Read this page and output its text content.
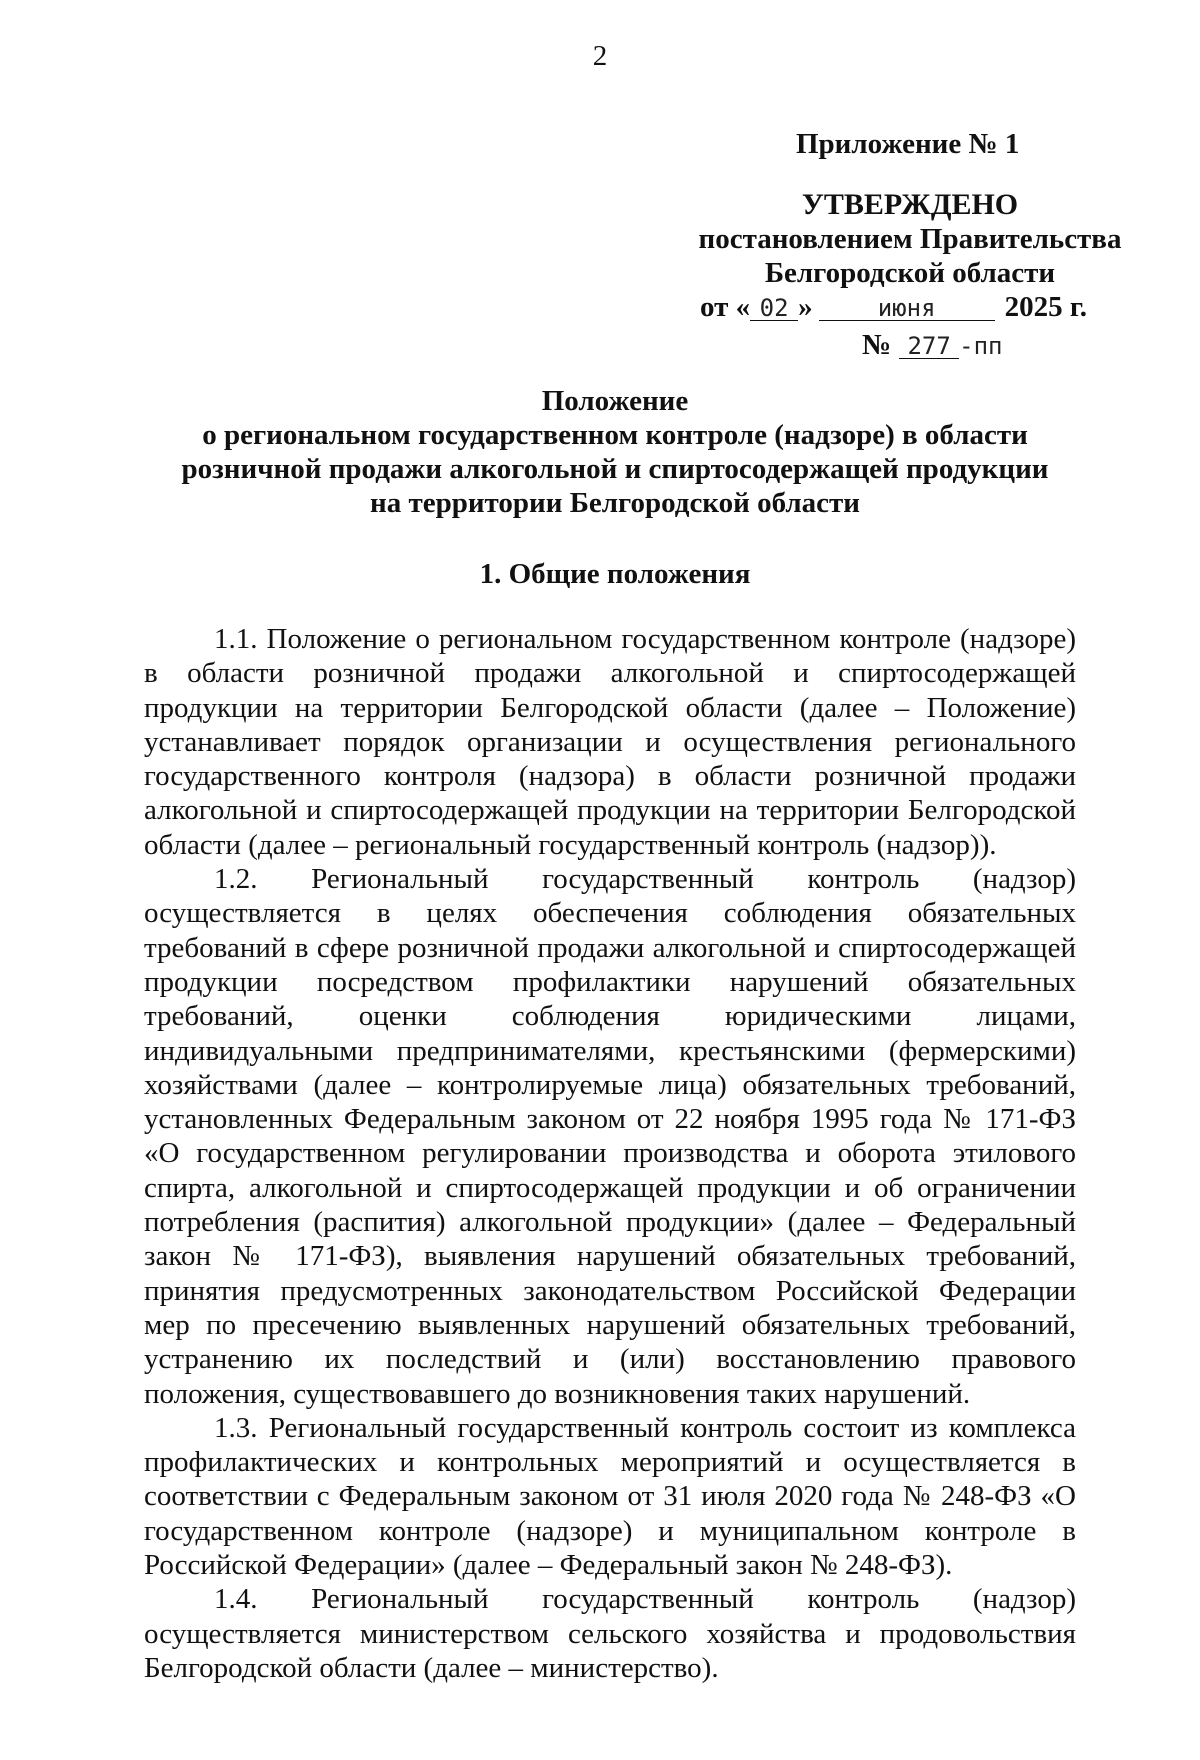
2
Приложение № 1
УТВЕРЖДЕНО
постановлением Правительства
Белгородской области
от « 02 »	июня 2025 г.
№ 277 -пп
Положение
о региональном государственном контроле (надзоре) в области
розничной продажи алкогольной и спиртосодержащей продукции
на территории Белгородской области
1. Общие положения

1.1. Положение о региональном государственном контроле (надзоре) в области розничной продажи алкогольной и спиртосодержащей продукции на территории Белгородской области (далее – Положение) устанавливает порядок организации и осуществления регионального государственного контроля (надзора) в области розничной продажи алкогольной и спиртосодержащей продукции на территории Белгородской области (далее – региональный государственный контроль (надзор)).

1.2. Региональный государственный контроль (надзор) осуществляется в целях обеспечения соблюдения обязательных требований в сфере розничной продажи алкогольной и спиртосодержащей продукции посредством профилактики нарушений обязательных требований, оценки соблюдения юридическими лицами, индивидуальными предпринимателями, крестьянскими (фермерскими) хозяйствами (далее – контролируемые лица) обязательных требований, установленных Федеральным законом от 22 ноября 1995 года № 171-ФЗ «О государственном регулировании производства и оборота этилового спирта, алкогольной и спиртосодержащей продукции и об ограничении потребления (распития) алкогольной продукции» (далее – Федеральный закон № 171-ФЗ), выявления нарушений обязательных требований, принятия предусмотренных законодательством Российской Федерации мер по пресечению выявленных нарушений обязательных требований, устранению их последствий и (или) восстановлению правового положения, существовавшего до возникновения таких нарушений.

1.3. Региональный государственный контроль состоит из комплекса профилактических и контрольных мероприятий и осуществляется в соответствии с Федеральным законом от 31 июля 2020 года № 248-ФЗ «О государственном контроле (надзоре) и муниципальном контроле в Российской Федерации» (далее – Федеральный закон № 248-ФЗ).

1.4. Региональный государственный контроль (надзор) осуществляется министерством сельского хозяйства и продовольствия Белгородской области (далее – министерство).
